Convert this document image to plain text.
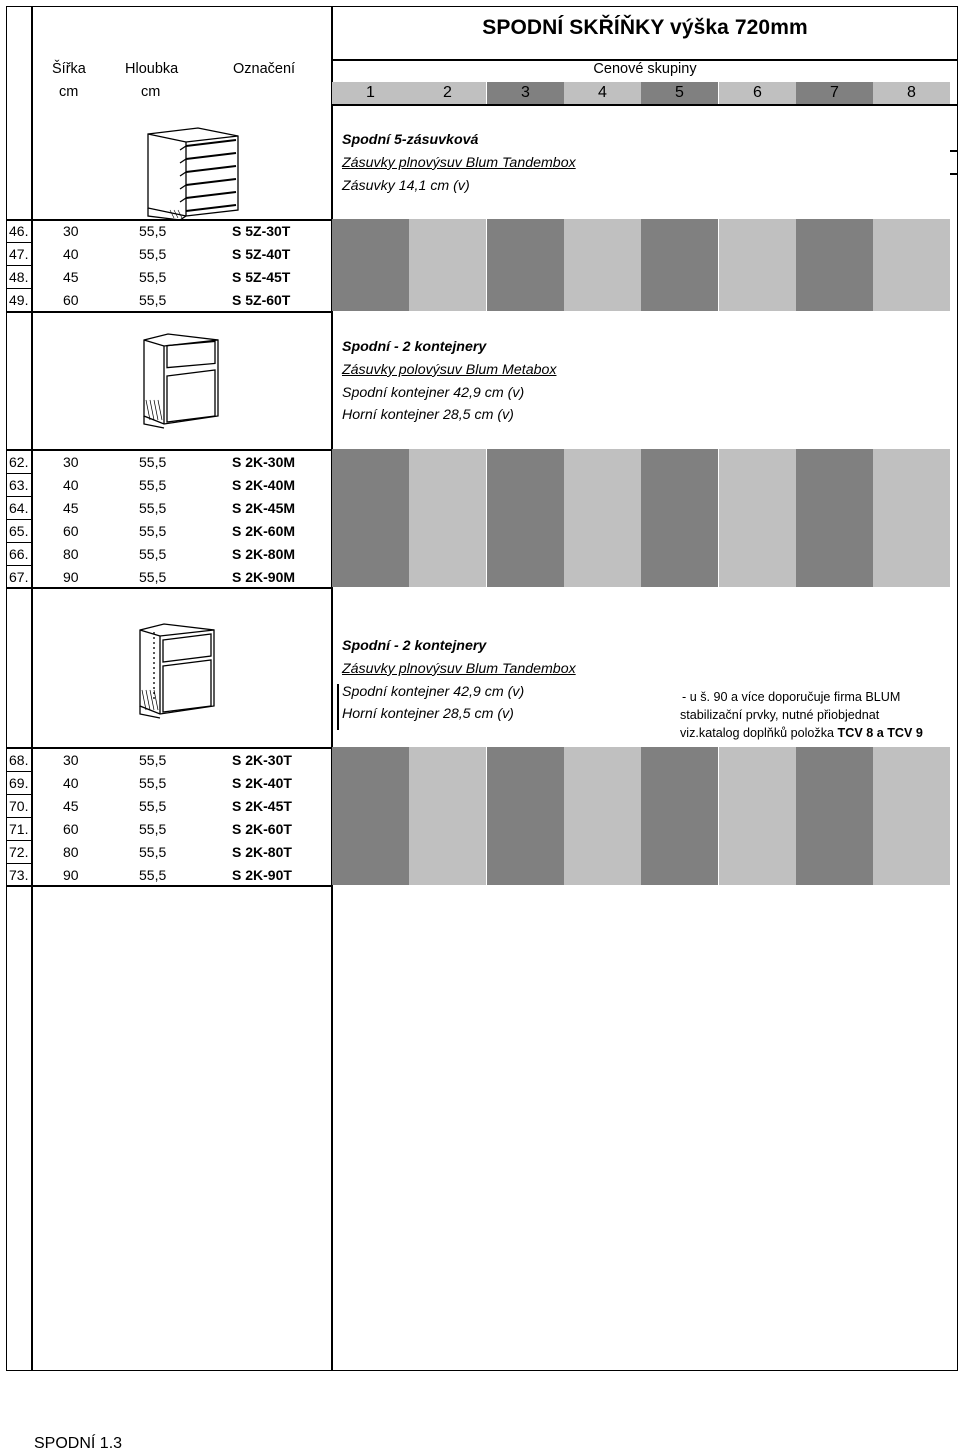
SPODNÍ SKŘÍŇKY výška 720mm
Šířka	Hloubka	Označení
cm	cm
Cenové skupiny
1	2	3	4	5	6	7	8
Spodní 5-zásuvková
Zásuvky plnovýsuv Blum Tandembox
Zásuvky 14,1 cm (v)
Spodní - 2 kontejnery
Zásuvky polovýsuv Blum Metabox
Spodní kontejner 42,9 cm (v)
Horní kontejner 28,5 cm (v)
Spodní - 2 kontejnery
Zásuvky plnovýsuv Blum Tandembox
Spodní kontejner 42,9 cm (v)
Horní kontejner 28,5 cm (v)
- u š. 90 a více doporučuje firma BLUM
stabilizační prvky, nutné přiobjednat
viz.katalog doplňků položka TCV 8 a TCV 9
46. 30	55,5	S 5Z-30T
47. 40	55,5	S 5Z-40T
48. 45	55,5	S 5Z-45T
49. 60	55,5	S 5Z-60T
62. 30	55,5	S 2K-30M
63. 40	55,5	S 2K-40M
64. 45	55,5	S 2K-45M
65. 60	55,5	S 2K-60M
66. 80	55,5	S 2K-80M
67. 90	55,5	S 2K-90M
68. 30	55,5	S 2K-30T
69. 40	55,5	S 2K-40T
70. 45	55,5	S 2K-45T
71. 60	55,5	S 2K-60T
72. 80	55,5	S 2K-80T
73. 90	55,5	S 2K-90T
SPODNÍ 1.3
